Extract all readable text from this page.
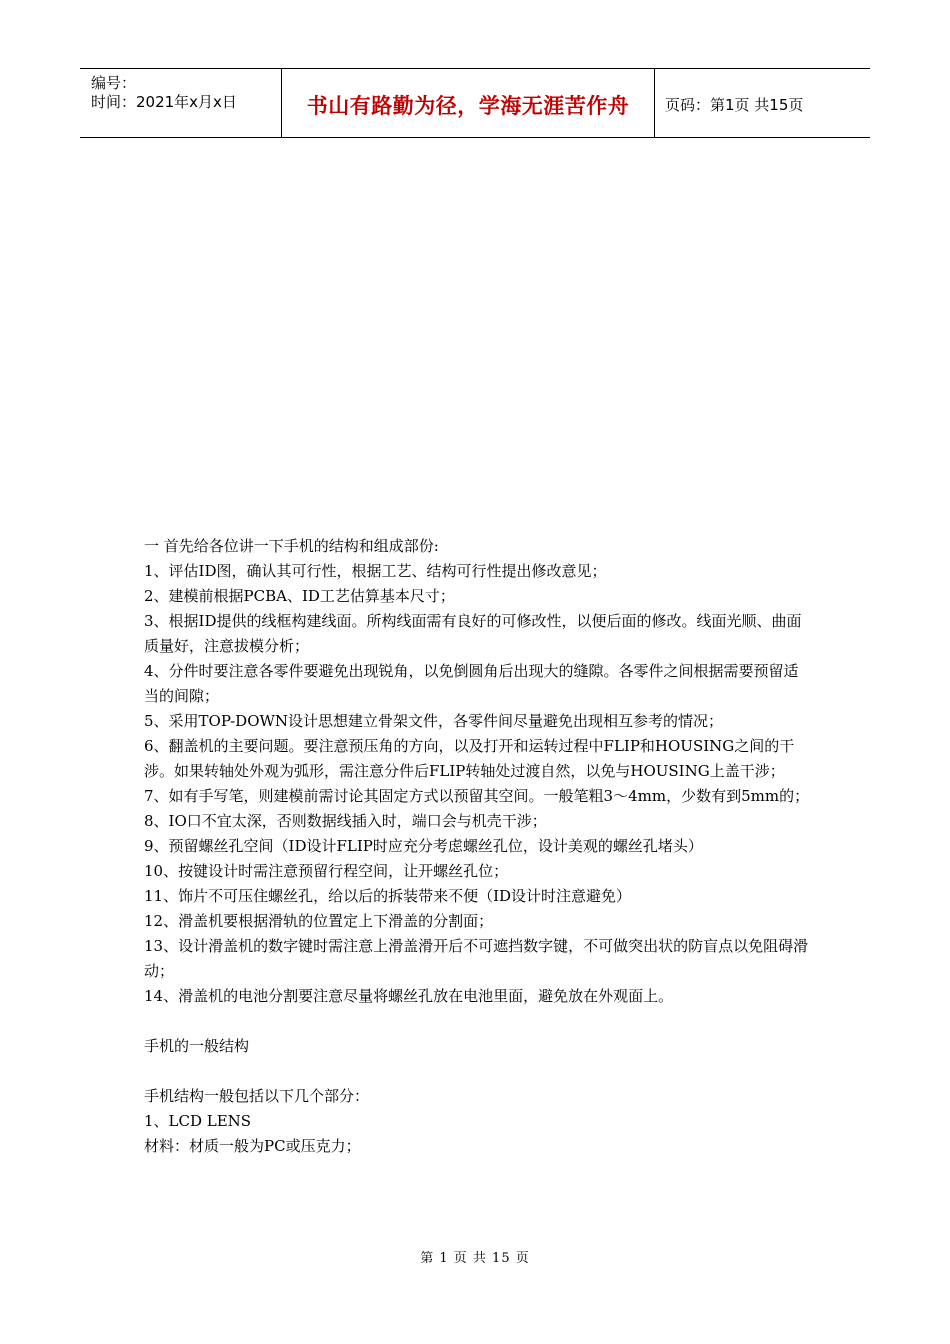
编号：
时间：2021年x月x日	书山有路勤为径，学海无涯苦作舟 页码：第1页 共15页

一 首先给各位讲一下手机的结构和组成部份:

1、评估ID图，确认其可行性，根据工艺、结构可行性提出修改意见；

2、建模前根据PCBA、ID工艺估算基本尺寸；

3、根据ID提供的线框构建线面。所构线面需有良好的可修改性，以便后面的修改。线面光顺、曲面质量好，注意拔模分析；

4、分件时要注意各零件要避免出现锐角，以免倒圆角后出现大的缝隙。各零件之间根据需要预留适当的间隙；

5、采用TOP-DOWN设计思想建立骨架文件，各零件间尽量避免出现相互参考的情况；

6、翻盖机的主要问题。要注意预压角的方向，以及打开和运转过程中FLIP和HOUSING之间的干涉。如果转轴处外观为弧形，需注意分件后FLIP转轴处过渡自然，以免与HOUSING上盖干涉；

7、如有手写笔，则建模前需讨论其固定方式以预留其空间。一般笔粗3～4mm，少数有到5mm的；

8、IO口不宜太深，否则数据线插入时，端口会与机壳干涉；

9、预留螺丝孔空间（ID设计FLIP时应充分考虑螺丝孔位，设计美观的螺丝孔堵头）

10、按键设计时需注意预留行程空间，让开螺丝孔位；

11、饰片不可压住螺丝孔，给以后的拆装带来不便（ID设计时注意避免）

12、滑盖机要根据滑轨的位置定上下滑盖的分割面；

13、设计滑盖机的数字键时需注意上滑盖滑开后不可遮挡数字键，不可做突出状的防盲点以免阻碍滑动；

14、滑盖机的电池分割要注意尽量将螺丝孔放在电池里面，避免放在外观面上。

手机的一般结构

手机结构一般包括以下几个部分：

1、LCD LENS

材料：材质一般为PC或压克力；

第 1 页 共 15 页
